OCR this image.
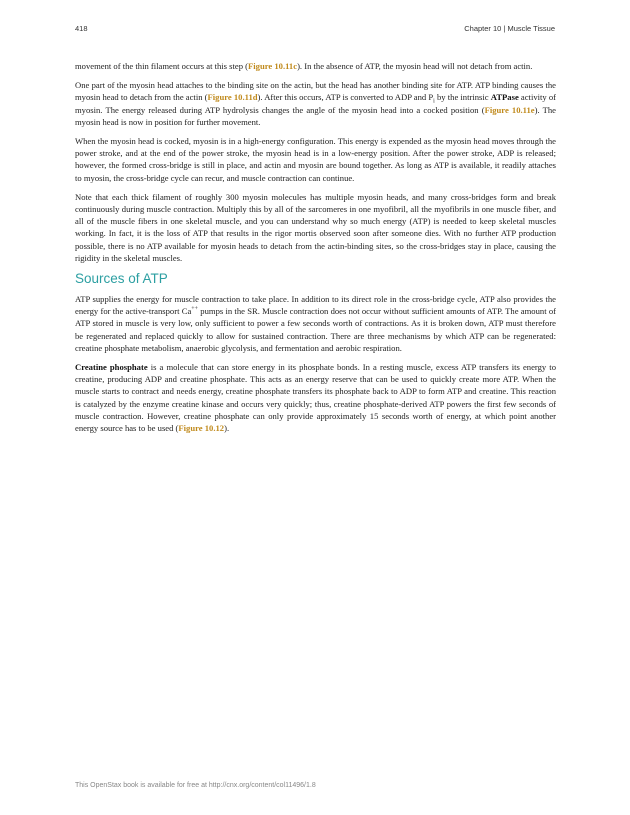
418	Chapter 10 | Muscle Tissue

movement of the thin filament occurs at this step (Figure 10.11c). In the absence of ATP, the myosin head will not detach from actin.

One part of the myosin head attaches to the binding site on the actin, but the head has another binding site for ATP. ATP binding causes the myosin head to detach from the actin (Figure 10.11d). After this occurs, ATP is converted to ADP and $P_i$ by the intrinsic ATPase activity of myosin. The energy released during ATP hydrolysis changes the angle of the myosin head into a cocked position (Figure 10.11e). The myosin head is now in position for further movement.

When the myosin head is cocked, myosin is in a high-energy configuration. This energy is expended as the myosin head moves through the power stroke, and at the end of the power stroke, the myosin head is in a low-energy position. After the power stroke, ADP is released; however, the formed cross-bridge is still in place, and actin and myosin are bound together. As long as ATP is available, it readily attaches to myosin, the cross-bridge cycle can recur, and muscle contraction can continue.

Note that each thick filament of roughly 300 myosin molecules has multiple myosin heads, and many cross-bridges form and break continuously during muscle contraction. Multiply this by all of the sarcomeres in one myofibril, all the myofibrils in one muscle fiber, and all of the muscle fibers in one skeletal muscle, and you can understand why so much energy (ATP) is needed to keep skeletal muscles working. In fact, it is the loss of ATP that results in the rigor mortis observed soon after someone dies. With no further ATP production possible, there is no ATP available for myosin heads to detach from the actin-binding sites, so the cross-bridges stay in place, causing the rigidity in the skeletal muscles.

Sources of ATP

ATP supplies the energy for muscle contraction to take place. In addition to its direct role in the cross-bridge cycle, ATP also provides the energy for the active-transport Ca++ pumps in the SR. Muscle contraction does not occur without sufficient amounts of ATP. The amount of ATP stored in muscle is very low, only sufficient to power a few seconds worth of contractions. As it is broken down, ATP must therefore be regenerated and replaced quickly to allow for sustained contraction. There are three mechanisms by which ATP can be regenerated: creatine phosphate metabolism, anaerobic glycolysis, and fermentation and aerobic respiration.

Creatine phosphate is a molecule that can store energy in its phosphate bonds. In a resting muscle, excess ATP transfers its energy to creatine, producing ADP and creatine phosphate. This acts as an energy reserve that can be used to quickly create more ATP. When the muscle starts to contract and needs energy, creatine phosphate transfers its phosphate back to ADP to form ATP and creatine. This reaction is catalyzed by the enzyme creatine kinase and occurs very quickly; thus, creatine phosphate-derived ATP powers the first few seconds of muscle contraction. However, creatine phosphate can only provide approximately 15 seconds worth of energy, at which point another energy source has to be used (Figure 10.12).

This OpenStax book is available for free at http://cnx.org/content/col11496/1.8
